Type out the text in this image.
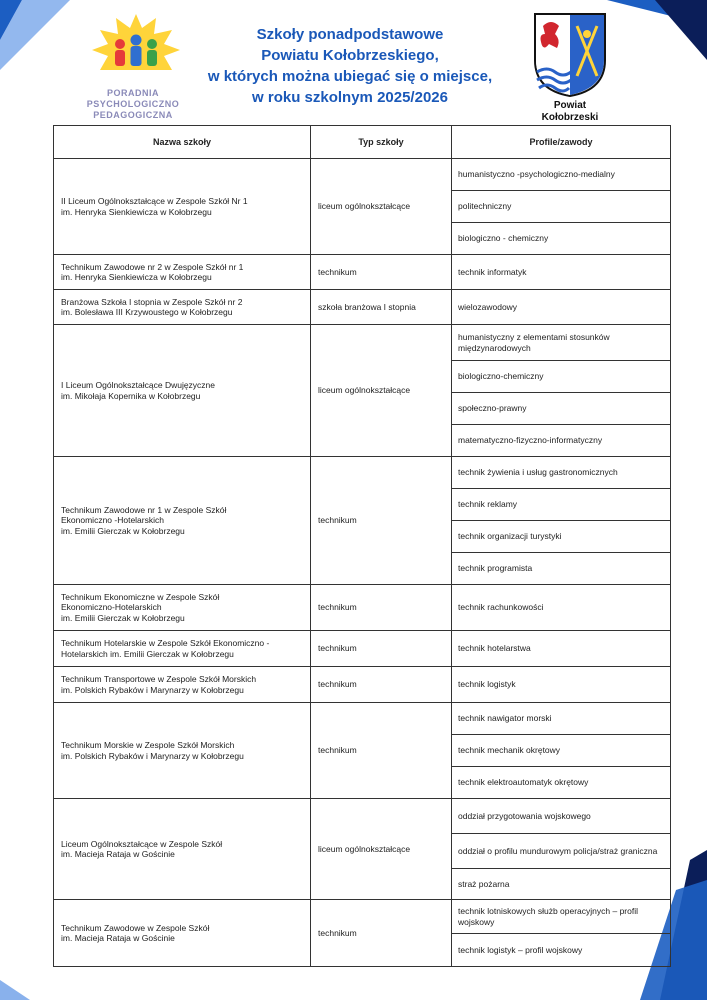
PORADNIA
PSYCHOLOGICZNO
PEDAGOGICZNA
Szkoły ponadpodstawowe
Powiatu Kołobrzeskiego,
w których można ubiegać się o miejsce,
w roku szkolnym 2025/2026	Powiat
Kołobrzeski
Nazwa szkoły	Typ szkoły	Profile/zawody

II Liceum Ogólnokształcące w Zespole Szkół Nr 1
im. Henryka Sienkiewicza w Kołobrzegu	liceum ogólnokształcące	humanistyczno -psychologiczno-medialny
		politechniczny
		biologiczno - chemiczny

Technikum Zawodowe nr 2 w Zespole Szkół nr 1
im. Henryka Sienkiewicza w Kołobrzegu	technikum	technik informatyk

Branżowa Szkoła I stopnia w Zespole Szkół nr 2
im. Bolesława III Krzywoustego w Kołobrzegu	szkoła branżowa I stopnia	wielozawodowy

I Liceum Ogólnokształcące Dwujęzyczne
im. Mikołaja Kopernika w Kołobrzegu	liceum ogólnokształcące	humanistyczny z elementami stosunków międzynarodowych
		biologiczno-chemiczny
		społeczno-prawny
		matematyczno-fizyczno-informatyczny

Technikum Zawodowe nr 1 w Zespole Szkół
Ekonomiczno -Hotelarskich
im. Emilii Gierczak w Kołobrzegu	technikum	technik żywienia i usług gastronomicznych
		technik reklamy
		technik organizacji turystyki
		technik programista

Technikum Ekonomiczne w Zespole Szkół
Ekonomiczno-Hotelarskich
im. Emilii Gierczak w Kołobrzegu	technikum	technik rachunkowości

Technikum Hotelarskie w Zespole Szkół Ekonomiczno -
Hotelarskich im. Emilii Gierczak w Kołobrzegu	technikum	technik hotelarstwa

Technikum Transportowe w Zespole Szkół Morskich
im. Polskich Rybaków i Marynarzy w Kołobrzegu	technikum	technik logistyk

Technikum Morskie w Zespole Szkół Morskich
im. Polskich Rybaków i Marynarzy w Kołobrzegu	technikum	technik nawigator morski
		technik mechanik okrętowy
		technik elektroautomatyk okrętowy

Liceum Ogólnokształcące w Zespole Szkół
im. Macieja Rataja w Gościnie	liceum ogólnokształcące	oddział przygotowania wojskowego
		oddział o profilu mundurowym policja/straż graniczna
		straż pożarna

Technikum Zawodowe w Zespole Szkół
im. Macieja Rataja w Gościnie	technikum	technik lotniskowych służb operacyjnych – profil wojskowy
		technik logistyk – profil wojskowy
